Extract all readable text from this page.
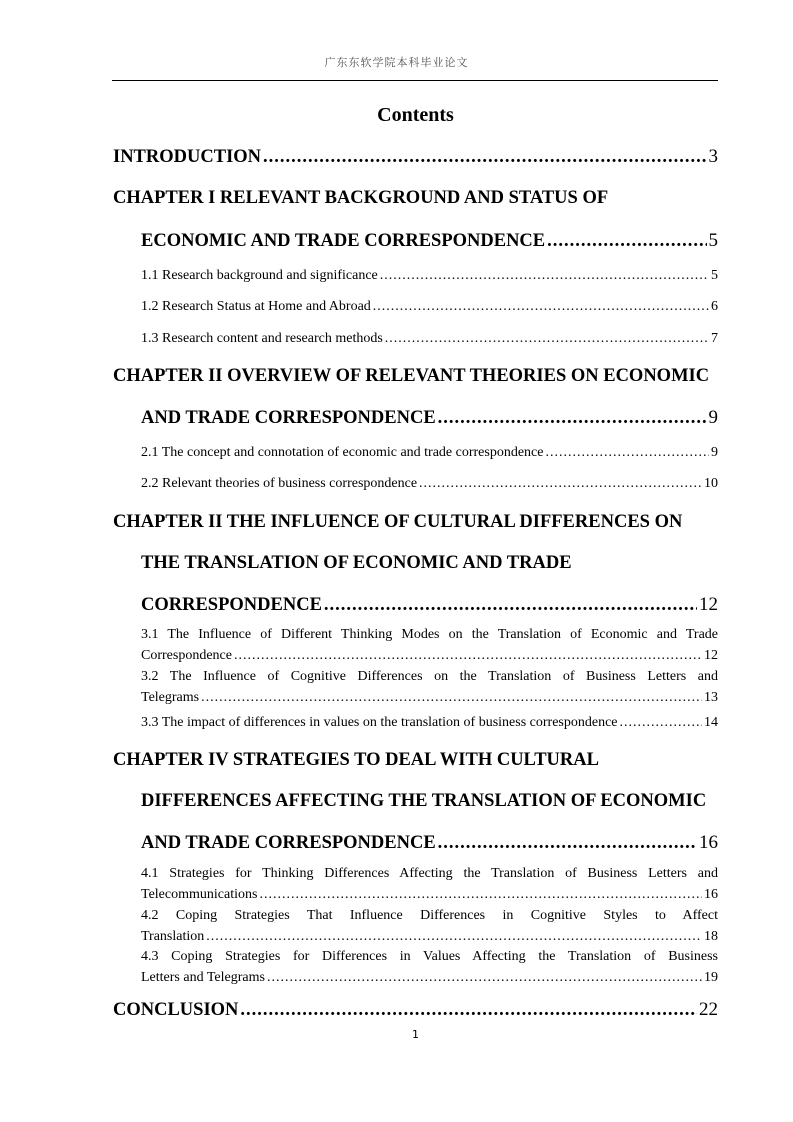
广东东软学院本科毕业论文
Contents
INTRODUCTION .....	3
CHAPTER I RELEVANT BACKGROUND AND STATUS OF
ECONOMIC AND TRADE CORRESPONDENCE .....	5
1.1 Research background and significance .....	5
1.2 Research Status at Home and Abroad .....	6
1.3 Research content and research methods .....	7
CHAPTER II OVERVIEW OF RELEVANT THEORIES ON ECONOMIC
AND TRADE CORRESPONDENCE .....	9
2.1 The concept and connotation of economic and trade correspondence .....	9
2.2 Relevant theories of business correspondence .....	10
CHAPTER II THE INFLUENCE OF CULTURAL DIFFERENCES ON
THE TRANSLATION OF ECONOMIC AND TRADE
CORRESPONDENCE .....	12
3.1 The Influence of Different Thinking Modes on the Translation of Economic and Trade
Correspondence .....	12
3.2 The Influence of Cognitive Differences on the Translation of Business Letters and
Telegrams .....	13
3.3 The impact of differences in values on the translation of business correspondence .....	14
CHAPTER IV STRATEGIES TO DEAL WITH CULTURAL
DIFFERENCES AFFECTING THE TRANSLATION OF ECONOMIC
AND TRADE CORRESPONDENCE .....	16
4.1 Strategies for Thinking Differences Affecting the Translation of Business Letters and
Telecommunications .....	16
4.2 Coping Strategies That Influence Differences in Cognitive Styles to Affect
Translation .....	18
4.3 Coping Strategies for Differences in Values Affecting the Translation of Business
Letters and Telegrams .....	19
CONCLUSION .....	22
1
